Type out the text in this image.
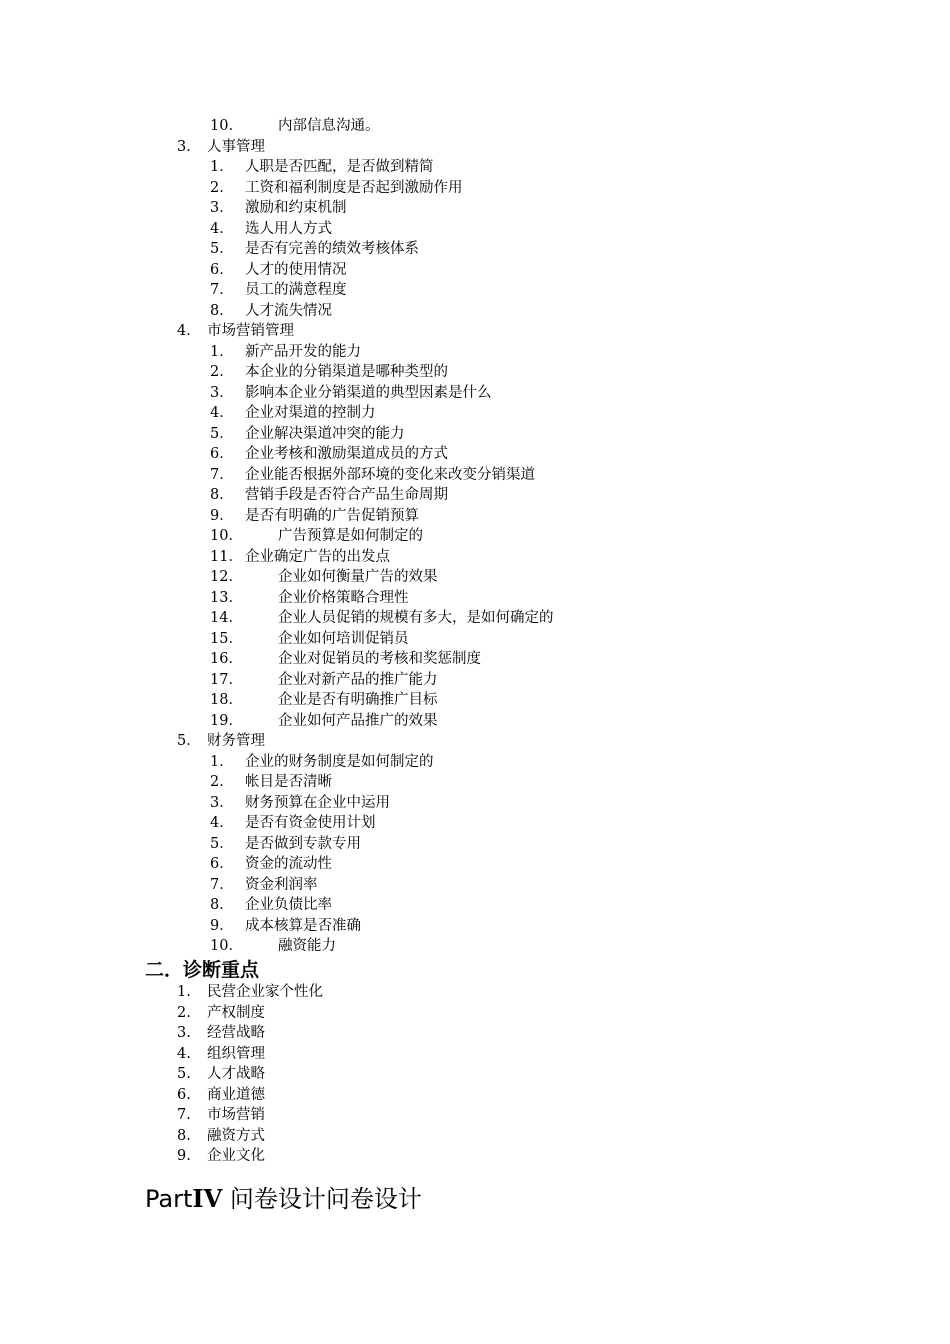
10.	内部信息沟通。
3． 人事管理
1． 人职是否匹配，是否做到精简
2． 工资和福利制度是否起到激励作用
3． 激励和约束机制
4． 选人用人方式
5． 是否有完善的绩效考核体系
6． 人才的使用情况
7． 员工的满意程度
8． 人才流失情况
4． 市场营销管理
1． 新产品开发的能力
2． 本企业的分销渠道是哪种类型的
3． 影响本企业分销渠道的典型因素是什么
4． 企业对渠道的控制力
5． 企业解决渠道冲突的能力
6． 企业考核和激励渠道成员的方式
7． 企业能否根据外部环境的变化来改变分销渠道
8． 营销手段是否符合产品生命周期
9． 是否有明确的广告促销预算
10． 广告预算是如何制定的
11． 企业确定广告的出发点
12． 企业如何衡量广告的效果
13． 企业价格策略合理性
14． 企业人员促销的规模有多大，是如何确定的
15． 企业如何培训促销员
16． 企业对促销员的考核和奖惩制度
17． 企业对新产品的推广能力
18． 企业是否有明确推广目标
19． 企业如何产品推广的效果
5． 财务管理
1． 企业的财务制度是如何制定的
2． 帐目是否清晰
3． 财务预算在企业中运用
4． 是否有资金使用计划
5． 是否做到专款专用
6． 资金的流动性
7． 资金利润率
8． 企业负债比率
9． 成本核算是否准确
10． 融资能力
二．诊断重点
1. 民营企业家个性化
2. 产权制度
3. 经营战略
4. 组织管理
5. 人才战略
6. 商业道德
7. 市场营销
8. 融资方式
9. 企业文化
PartIV 问卷设计问卷设计
